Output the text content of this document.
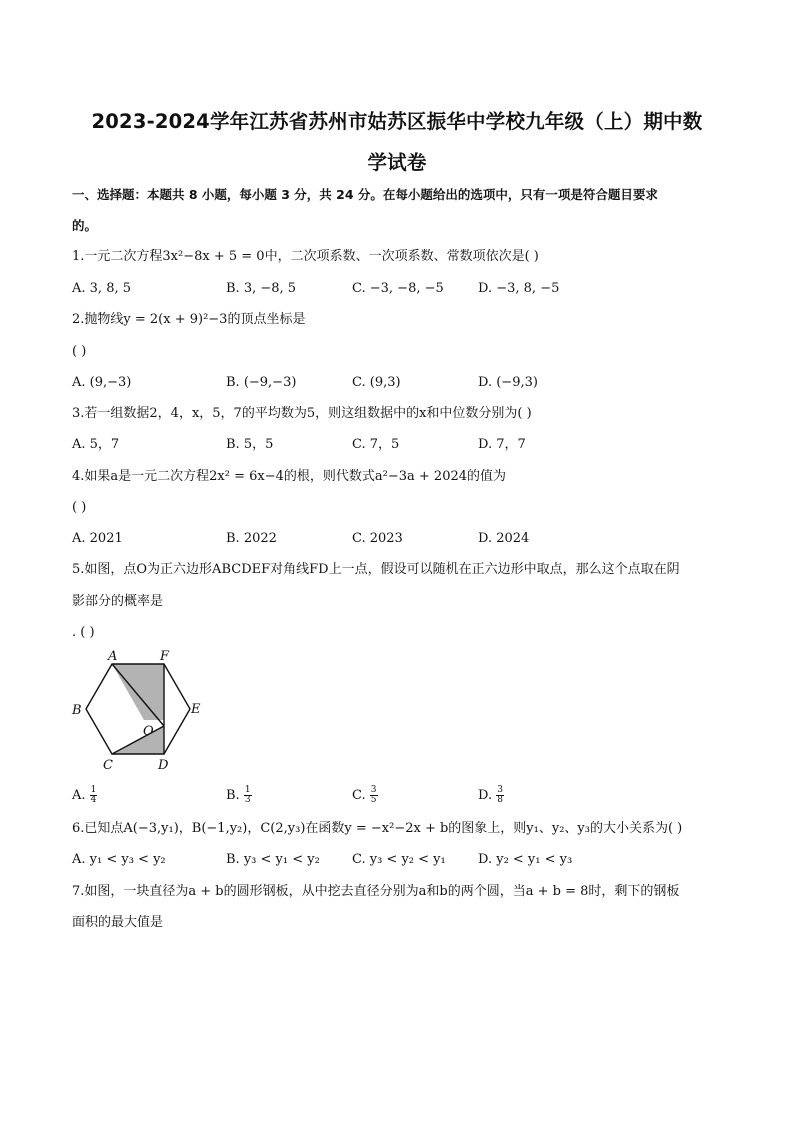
2023-2024学年江苏省苏州市姑苏区振华中学校九年级（上）期中数
学试卷
一、选择题：本题共 8 小题，每小题 3 分，共 24 分。在每小题给出的选项中，只有一项是符合题目要求
的。
1.一元二次方程3x²−8x + 5 = 0中，二次项系数、一次项系数、常数项依次是( )
A. 3, 8, 5	B. 3, −8, 5	C. −3, −8, −5	D. −3, 8, −5
2.抛物线y = 2(x + 9)²−3的顶点坐标是
( )
A. (9,−3)	B. (−9,−3)	C. (9,3)	D. (−9,3)
3.若一组数据2，4，x，5，7的平均数为5，则这组数据中的x和中位数分别为( )
A. 5，7	B. 5，5	C. 7，5	D. 7，7
4.如果a是一元二次方程2x² = 6x−4的根，则代数式a²−3a + 2024的值为
( )
A. 2021	B. 2022	C. 2023	D. 2024
5.如图，点O为正六边形ABCDEF对角线FD上一点，假设可以随机在正六边形中取点，那么这个点取在阴
影部分的概率是
. ( )
A	F
B	E
O
C	D
A. $\frac{1}{4}$	B. $\frac{1}{3}$	C. $\frac{3}{5}$	D. $\frac{3}{8}$
6.已知点A(−3,y₁)，B(−1,y₂)，C(2,y₃)在函数y = −x²−2x + b的图象上，则y₁、y₂、y₃的大小关系为( )
A. y₁ < y₃ < y₂	B. y₃ < y₁ < y₂ C. y₃ < y₂ < y₁ D. y₂ < y₁ < y₃
7.如图，一块直径为a + b的圆形钢板，从中挖去直径分别为a和b的两个圆，当a + b = 8时，剩下的钢板
面积的最大值是
